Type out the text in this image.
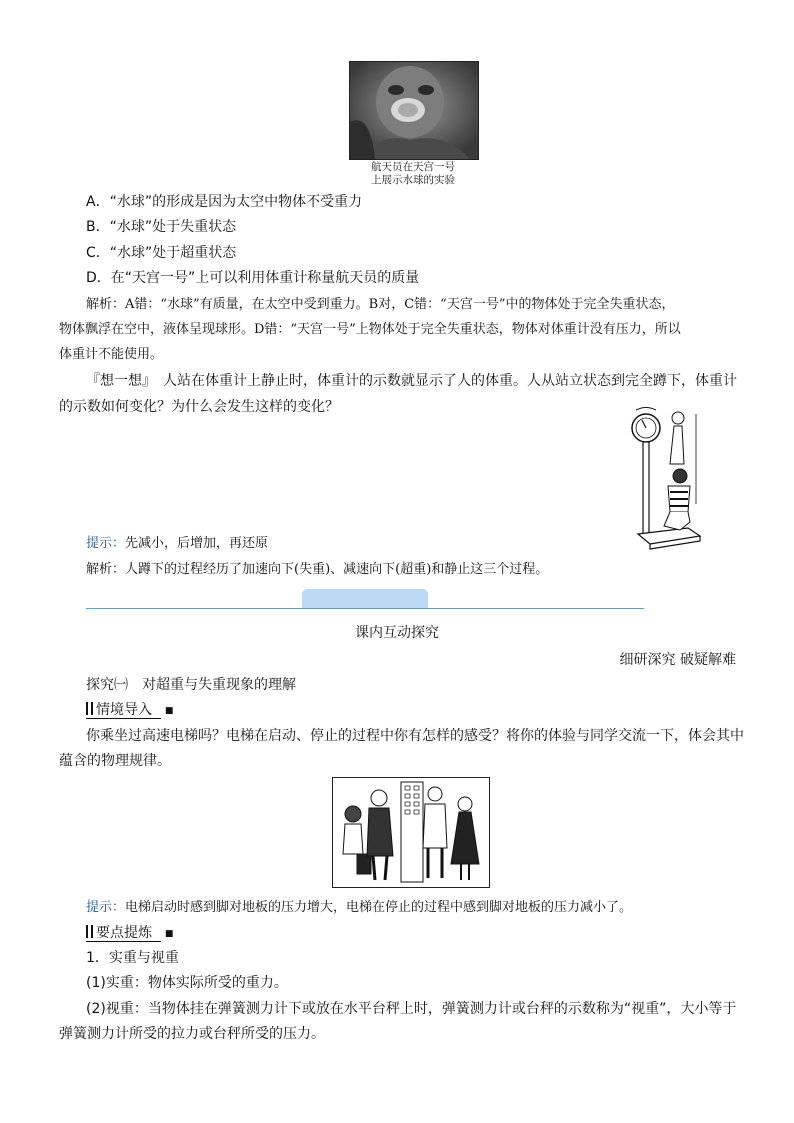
航天员在天宫一号
上展示水球的实验
A．“水球”的形成是因为太空中物体不受重力
B．“水球”处于失重状态
C．“水球”处于超重状态
D．在“天宫一号”上可以利用体重计称量航天员的质量
解析：A错：“水球”有质量，在太空中受到重力。B对，C错：“天宫一号”中的物体处于完全失重状态，
物体飘浮在空中，液体呈现球形。D错：“天宫一号”上物体处于完全失重状态，物体对体重计没有压力，所以
体重计不能使用。
『想一想』　人站在体重计上静止时，体重计的示数就显示了人的体重。人从站立状态到完全蹲下，体重计
的示数如何变化？为什么会发生这样的变化？
提示：先减小，后增加，再还原
解析：人蹲下的过程经历了加速向下(失重)、减速向下(超重)和静止这三个过程。
课内互动探究
细研深究 破疑解难
探究㈠　对超重与失重现象的理解
情境导入 ■
你乘坐过高速电梯吗？电梯在启动、停止的过程中你有怎样的感受？将你的体验与同学交流一下，体会其中
蕴含的物理规律。
提示：电梯启动时感到脚对地板的压力增大，电梯在停止的过程中感到脚对地板的压力减小了。
要点提炼 ■
1．实重与视重
(1)实重：物体实际所受的重力。
(2)视重：当物体挂在弹簧测力计下或放在水平台秤上时，弹簧测力计或台秤的示数称为“视重”，大小等于
弹簧测力计所受的拉力或台秤所受的压力。
